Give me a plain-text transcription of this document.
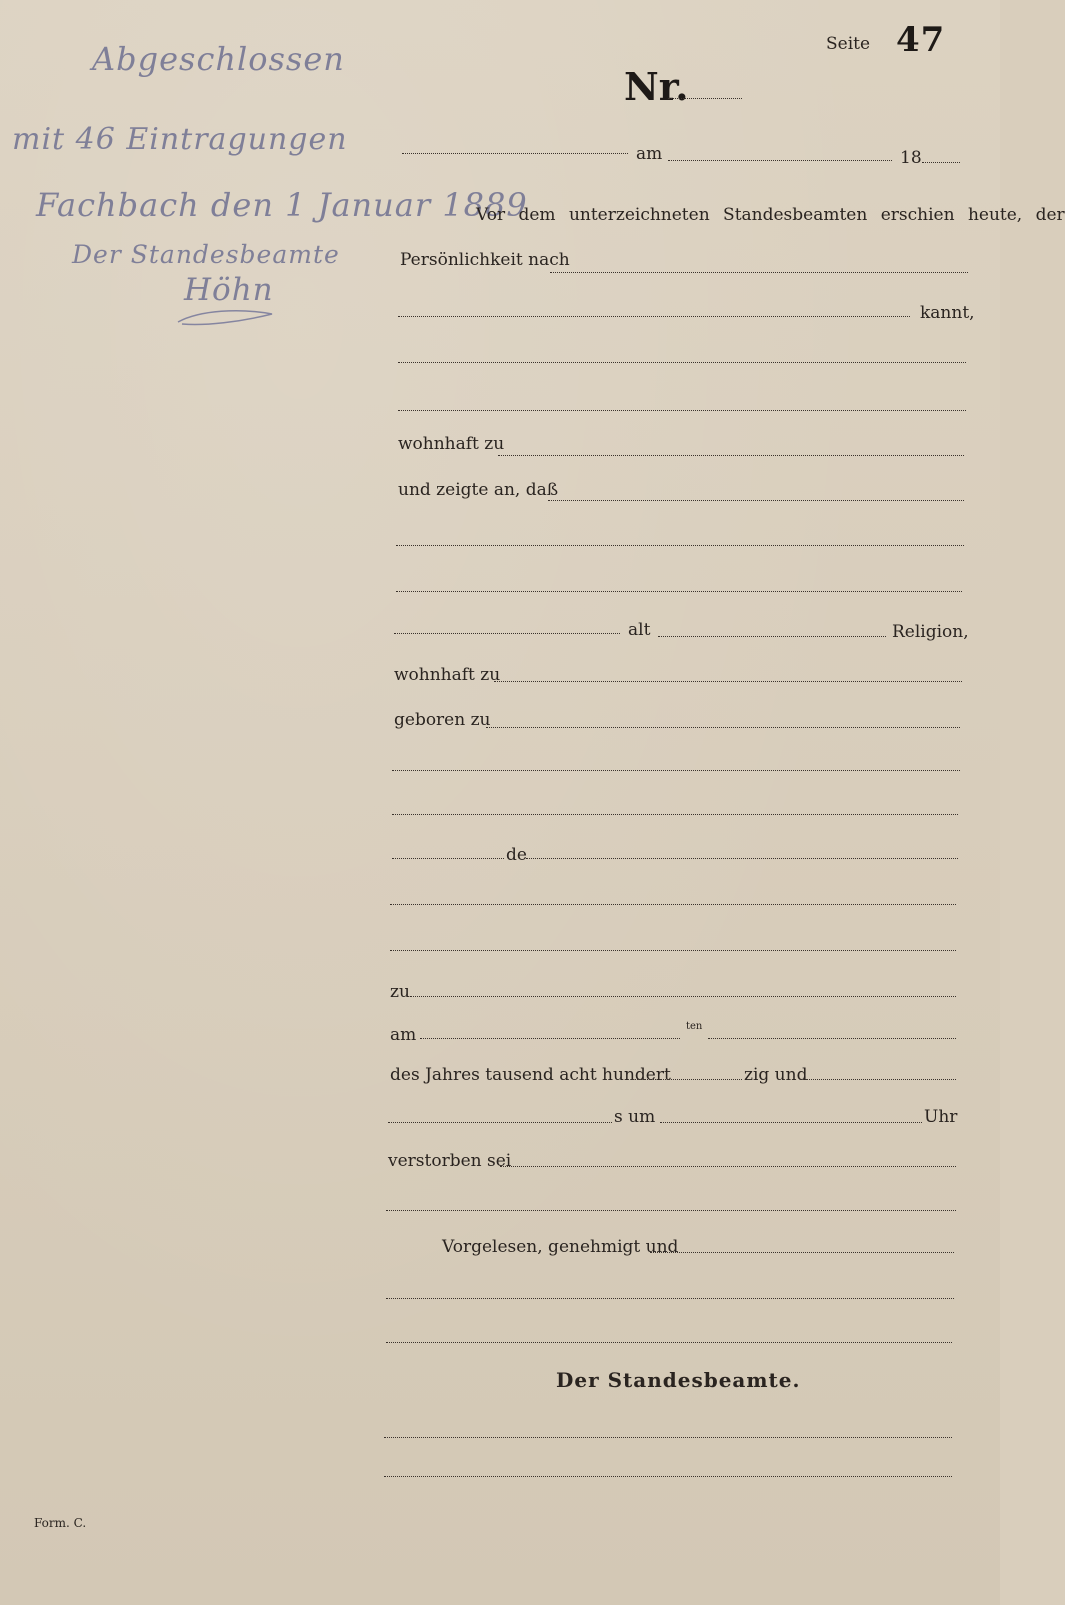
Seite 47
Nr.
Abgeschlossen
mit 46 Eintragungen
Fachbach den 1 Januar 1889
Der Standesbeamte
Höhn
am	18
Vor dem unterzeichneten Standesbeamten erschien heute, der
Persönlichkeit nach
kannt,
wohnhaft zu
und zeigte an, daß
alt	Religion,
wohnhaft zu
geboren zu
de
zu
am	ten
des Jahres tausend acht hundert	zig und
s um	Uhr
verstorben sei
Vorgelesen, genehmigt und
Der Standesbeamte.
Form. C.
